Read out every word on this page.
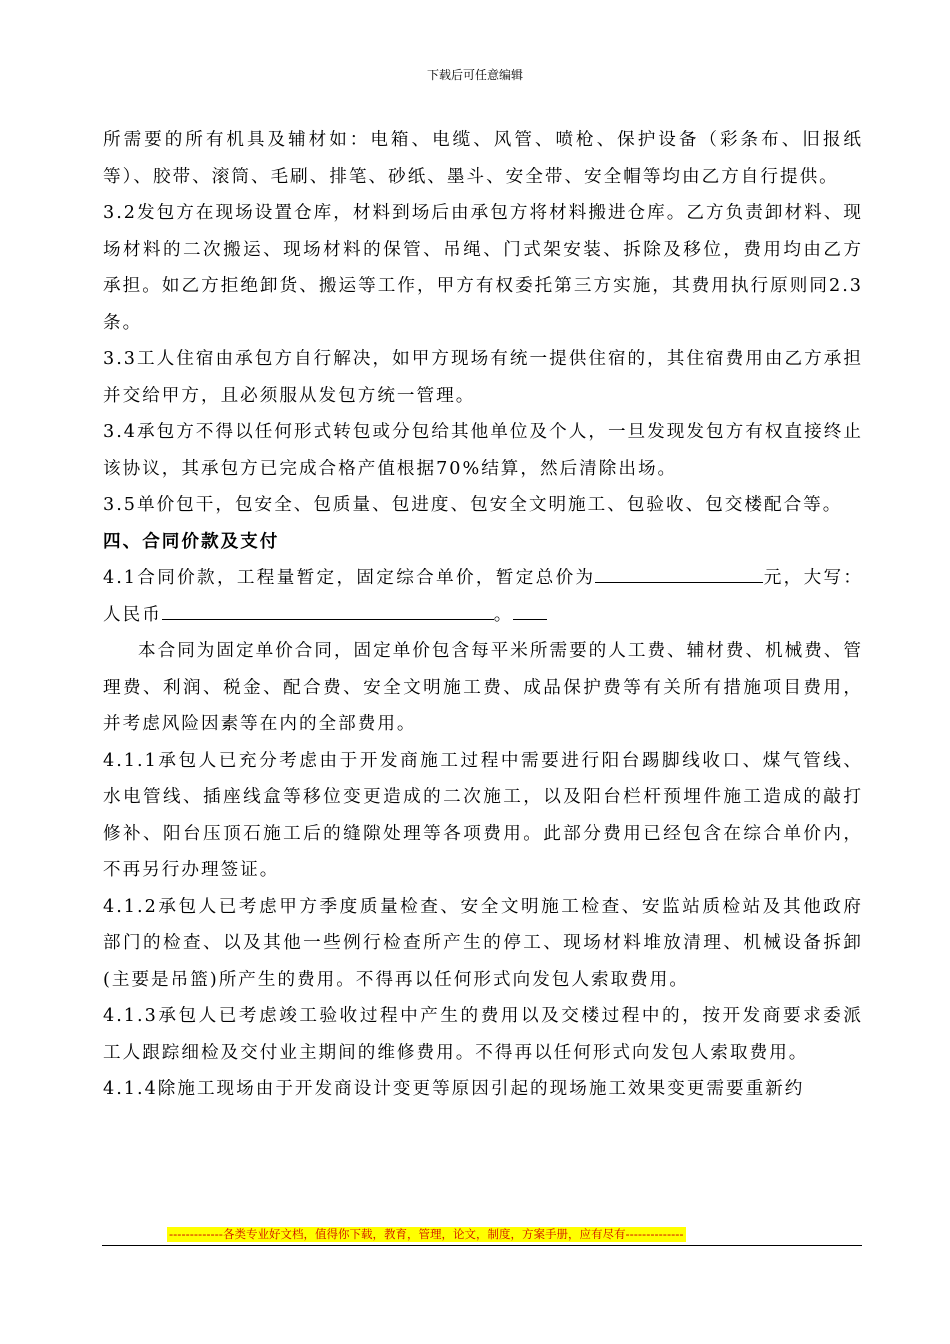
下载后可任意编辑

所需要的所有机具及辅材如：电箱、电缆、风管、喷枪、保护设备（彩条布、旧报纸等）、胶带、滚筒、毛刷、排笔、砂纸、墨斗、安全带、安全帽等均由乙方自行提供。

3.2发包方在现场设置仓库，材料到场后由承包方将材料搬进仓库。乙方负责卸材料、现场材料的二次搬运、现场材料的保管、吊绳、门式架安装、拆除及移位，费用均由乙方承担。如乙方拒绝卸货、搬运等工作，甲方有权委托第三方实施，其费用执行原则同2.3条。

3.3工人住宿由承包方自行解决，如甲方现场有统一提供住宿的，其住宿费用由乙方承担并交给甲方，且必须服从发包方统一管理。

3.4承包方不得以任何形式转包或分包给其他单位及个人，一旦发现发包方有权直接终止该协议，其承包方已完成合格产值根据70%结算，然后清除出场。

3.5单价包干，包安全、包质量、包进度、包安全文明施工、包验收、包交楼配合等。

四、合同价款及支付

4.1合同价款，工程量暂定，固定综合单价，暂定总价为	元，大写：人民币	。

本合同为固定单价合同，固定单价包含每平米所需要的人工费、辅材费、机械费、管理费、利润、税金、配合费、安全文明施工费、成品保护费等有关所有措施项目费用，并考虑风险因素等在内的全部费用。

4.1.1承包人已充分考虑由于开发商施工过程中需要进行阳台踢脚线收口、煤气管线、水电管线、插座线盒等移位变更造成的二次施工，以及阳台栏杆预埋件施工造成的敲打修补、阳台压顶石施工后的缝隙处理等各项费用。此部分费用已经包含在综合单价内，不再另行办理签证。

4.1.2承包人已考虑甲方季度质量检查、安全文明施工检查、安监站质检站及其他政府部门的检查、以及其他一些例行检查所产生的停工、现场材料堆放清理、机械设备拆卸(主要是吊篮)所产生的费用。不得再以任何形式向发包人索取费用。

4.1.3承包人已考虑竣工验收过程中产生的费用以及交楼过程中的，按开发商要求委派工人跟踪细检及交付业主期间的维修费用。不得再以任何形式向发包人索取费用。

4.1.4除施工现场由于开发商设计变更等原因引起的现场施工效果变更需要重新约

-------------各类专业好文档，值得你下载，教育，管理，论文，制度，方案手册，应有尽有--------------
